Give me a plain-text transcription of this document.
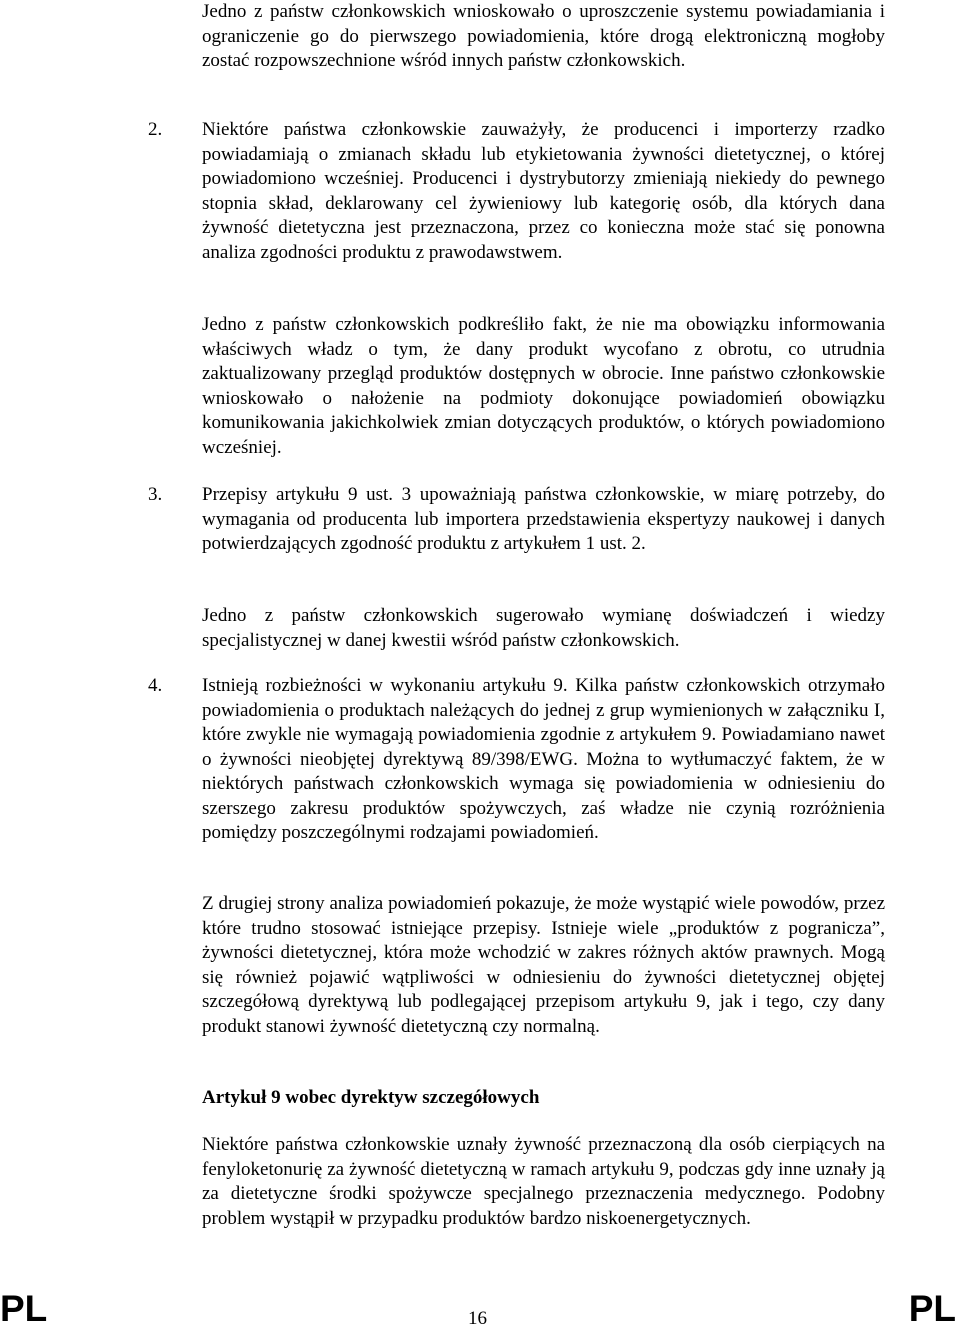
Jedno z państw członkowskich wnioskowało o uproszczenie systemu powiadamiania i ograniczenie go do pierwszego powiadomienia, które drogą elektroniczną mogłoby zostać rozpowszechnione wśród innych państw członkowskich.

2. Niektóre państwa członkowskie zauważyły, że producenci i importerzy rzadko powiadamiają o zmianach składu lub etykietowania żywności dietetycznej, o której powiadomiono wcześniej. Producenci i dystrybutorzy zmieniają niekiedy do pewnego stopnia skład, deklarowany cel żywieniowy lub kategorię osób, dla których dana żywność dietetyczna jest przeznaczona, przez co konieczna może stać się ponowna analiza zgodności produktu z prawodawstwem.

Jedno z państw członkowskich podkreśliło fakt, że nie ma obowiązku informowania właściwych władz o tym, że dany produkt wycofano z obrotu, co utrudnia zaktualizowany przegląd produktów dostępnych w obrocie. Inne państwo członkowskie wnioskowało o nałożenie na podmioty dokonujące powiadomień obowiązku komunikowania jakichkolwiek zmian dotyczących produktów, o których powiadomiono wcześniej.

3. Przepisy artykułu 9 ust. 3 upoważniają państwa członkowskie, w miarę potrzeby, do wymagania od producenta lub importera przedstawienia ekspertyzy naukowej i danych potwierdzających zgodność produktu z artykułem 1 ust. 2.

Jedno z państw członkowskich sugerowało wymianę doświadczeń i wiedzy specjalistycznej w danej kwestii wśród państw członkowskich.

4. Istnieją rozbieżności w wykonaniu artykułu 9. Kilka państw członkowskich otrzymało powiadomienia o produktach należących do jednej z grup wymienionych w załączniku I, które zwykle nie wymagają powiadomienia zgodnie z artykułem 9. Powiadamiano nawet o żywności nieobjętej dyrektywą 89/398/EWG. Można to wytłumaczyć faktem, że w niektórych państwach członkowskich wymaga się powiadomienia w odniesieniu do szerszego zakresu produktów spożywczych, zaś władze nie czynią rozróżnienia pomiędzy poszczególnymi rodzajami powiadomień.

Z drugiej strony analiza powiadomień pokazuje, że może wystąpić wiele powodów, przez które trudno stosować istniejące przepisy. Istnieje wiele „produktów z pogranicza”, żywności dietetycznej, która może wchodzić w zakres różnych aktów prawnych. Mogą się również pojawić wątpliwości w odniesieniu do żywności dietetycznej objętej szczegółową dyrektywą lub podlegającej przepisom artykułu 9, jak i tego, czy dany produkt stanowi żywność dietetyczną czy normalną.

Artykuł 9 wobec dyrektyw szczegółowych

Niektóre państwa członkowskie uznały żywność przeznaczoną dla osób cierpiących na fenyloketonurię za żywność dietetyczną w ramach artykułu 9, podczas gdy inne uznały ją za dietetyczne środki spożywcze specjalnego przeznaczenia medycznego. Podobny problem wystąpił w przypadku produktów bardzo niskoenergetycznych.

PL	16	PL
